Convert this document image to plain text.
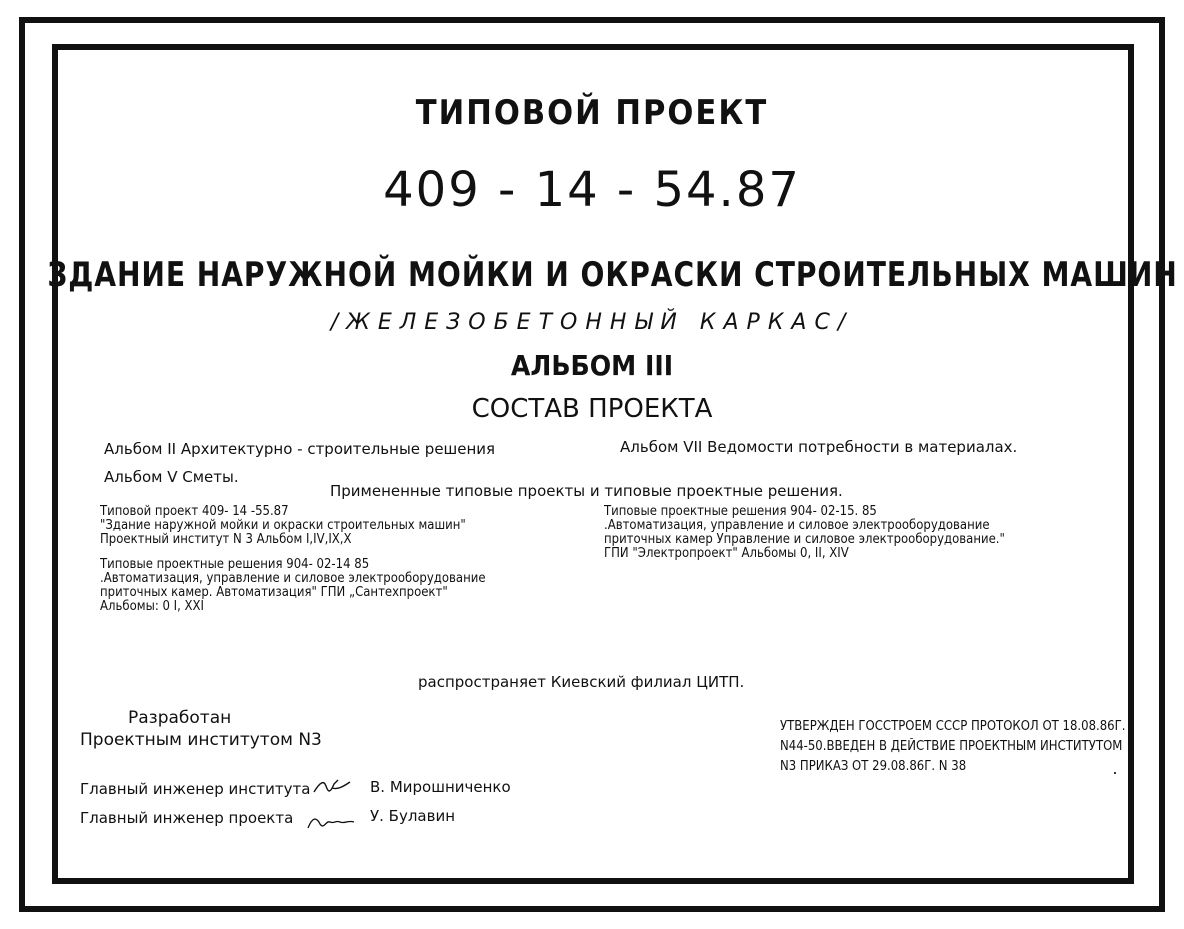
ТИПОВОЙ ПРОЕКТ
409 - 14 - 54.87
ЗДАНИЕ НАРУЖНОЙ МОЙКИ И ОКРАСКИ СТРОИТЕЛЬНЫХ МАШИН
/ЖЕЛЕЗОБЕТОННЫЙ КАРКАС/
АЛЬБОМ III
СОСТАВ ПРОЕКТА
Альбом II Архитектурно - строительные решения
Альбом V Сметы.
Альбом VII Ведомости потребности в материалах.
Примененные типовые проекты и типовые проектные решения.
Типовой проект 409- 14 -55.87
"Здание наружной мойки и окраски строительных машин"
Проектный институт N 3 Альбом I,IV,IX,X
Типовые проектные решения 904- 02-14 85
.Автоматизация, управление и силовое электрооборудование
приточных камер. Автоматизация" ГПИ „Сантехпроект"
Альбомы: 0 I, XXI
Типовые проектные решения 904- 02-15. 85
.Автоматизация, управление и силовое электрооборудование
приточных камер Управление и силовое электрооборудование."
ГПИ "Электропроект" Альбомы 0, II, XIV
распространяет Киевский филиал ЦИТП.
Разработан
Проектным институтом N3
УТВЕРЖДЕН ГОССТРОЕМ СССР ПРОТОКОЛ ОТ 18.08.86Г.
N44-50.ВВЕДЕН В ДЕЙСТВИЕ ПРОЕКТНЫМ ИНСТИТУТОМ
N3 ПРИКАЗ ОТ 29.08.86Г. N 38
Главный инженер института	В. Мирошниченко
Главный инженер проекта	У. Булавин
